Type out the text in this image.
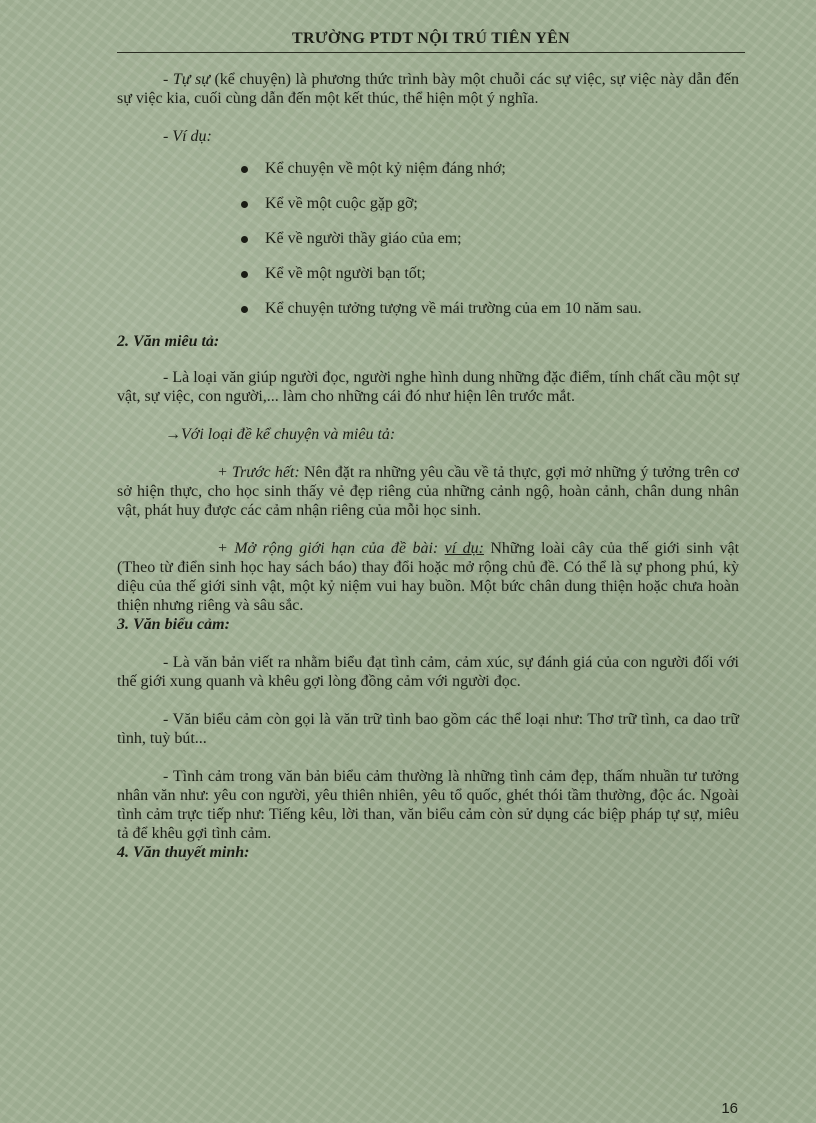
TRƯỜNG PTDT NỘI TRÚ TIÊN YÊN

- Tự sự (kể chuyện) là phương thức trình bày một chuỗi các sự việc, sự việc này dẫn đến sự việc kia, cuối cùng dẫn đến một kết thúc, thể hiện một ý nghĩa.

- Ví dụ:

Kể chuyện về một kỷ niệm đáng nhớ;
Kể về một cuộc gặp gỡ;
Kể về người thầy giáo của em;
Kể về một người bạn tốt;
Kể chuyện tưởng tượng về mái trường của em 10 năm sau.

2. Văn miêu tả:

- Là loại văn giúp người đọc, người nghe hình dung những đặc điểm, tính chất cầu một sự vật, sự việc, con người,... làm cho những cái đó như hiện lên trước mắt.

→Với loại đề kể chuyện và miêu tả:

+ Trước hết: Nên đặt ra những yêu cầu về tả thực, gợi mở những ý tưởng trên cơ sở hiện thực, cho học sinh thấy vẻ đẹp riêng của những cảnh ngộ, hoàn cảnh, chân dung nhân vật, phát huy được các cảm nhận riêng của mỗi học sinh.

+ Mở rộng giới hạn của đề bài: ví dụ: Những loài cây của thế giới sinh vật (Theo từ điển sinh học hay sách báo) thay đổi hoặc mở rộng chủ đề. Có thể là sự phong phú, kỳ diệu của thế giới sinh vật, một kỷ niệm vui hay buồn. Một bức chân dung thiện hoặc chưa hoàn thiện nhưng riêng và sâu sắc.

3. Văn biểu cảm:

- Là văn bản viết ra nhằm biểu đạt tình cảm, cảm xúc, sự đánh giá của con người đối với thế giới xung quanh và khêu gợi lòng đồng cảm với người đọc.

- Văn biểu cảm còn gọi là văn trữ tình bao gồm các thể loại như: Thơ trữ tình, ca dao trữ tình, tuỳ bút...

- Tình cảm trong văn bản biểu cảm thường là những tình cảm đẹp, thấm nhuần tư tưởng nhân văn như: yêu con người, yêu thiên nhiên, yêu tổ quốc, ghét thói tầm thường, độc ác. Ngoài tình cảm trực tiếp như: Tiếng kêu, lời than, văn biểu cảm còn sử dụng các biệp pháp tự sự, miêu tả để khêu gợi tình cảm.

4. Văn thuyết minh:

16
